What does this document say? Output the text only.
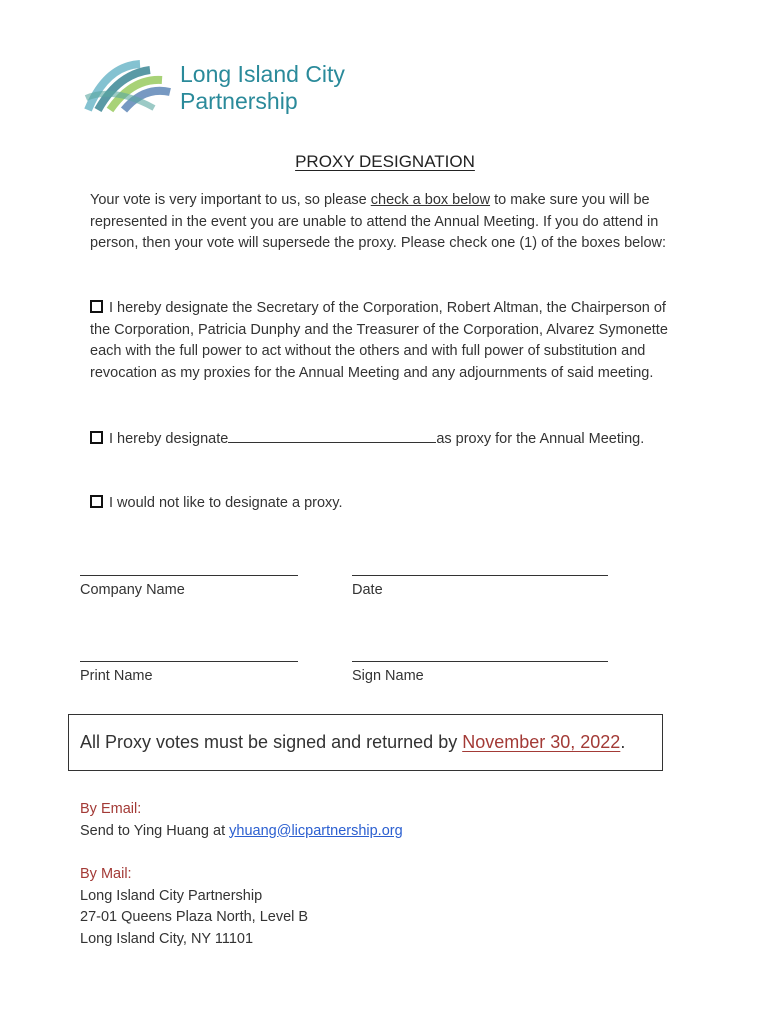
Long Island City
Partnership
PROXY DESIGNATION
Your vote is very important to us, so please check a box below to make sure you will be represented in the event you are unable to attend the Annual Meeting. If you do attend in person, then your vote will supersede the proxy. Please check one (1) of the boxes below:
I hereby designate the Secretary of the Corporation, Robert Altman, the Chairperson of the Corporation, Patricia Dunphy and the Treasurer of the Corporation, Alvarez Symonette each with the full power to act without the others and with full power of substitution and revocation as my proxies for the Annual Meeting and any adjournments of said meeting.
I hereby designate	as proxy for the Annual Meeting.
I would not like to designate a proxy.
Company Name	Date
Print Name	Sign Name
All Proxy votes must be signed and returned by November 30, 2022.
By Email:
Send to Ying Huang at yhuang@licpartnership.org
By Mail:
Long Island City Partnership
27-01 Queens Plaza North, Level B
Long Island City, NY 11101
